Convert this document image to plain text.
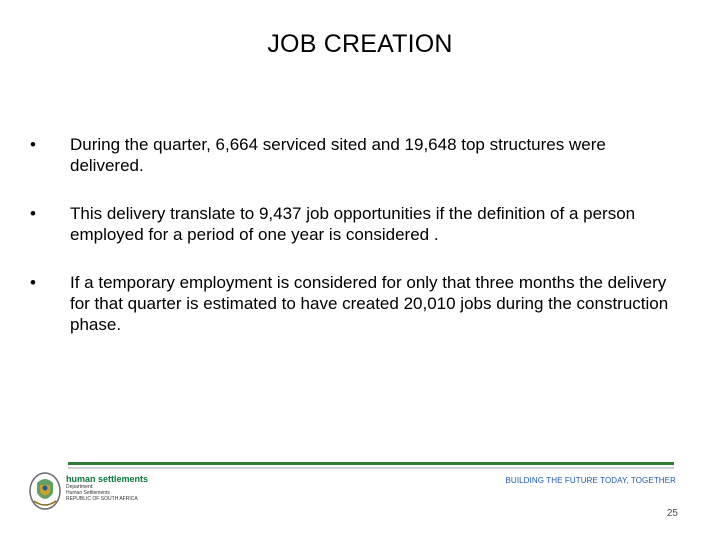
JOB CREATION
•	During the quarter, 6,664 serviced sited and 19,648 top structures were delivered.
•	This delivery translate to 9,437 job opportunities if the definition of a person employed for a period of one year is considered .
•	If a temporary employment is considered for only that three months the delivery for that quarter is estimated to have created 20,010 jobs during the construction phase.
human settlements
Department:
Human Settlements
REPUBLIC OF SOUTH AFRICA
BUILDING THE FUTURE TODAY, TOGETHER
25
